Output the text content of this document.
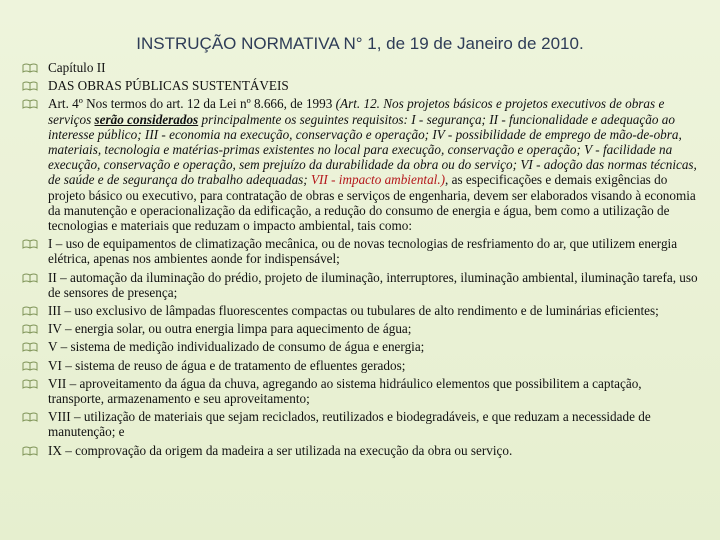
INSTRUÇÃO NORMATIVA N° 1, de 19 de Janeiro de 2010.
Capítulo II
DAS OBRAS PÚBLICAS SUSTENTÁVEIS
Art. 4º Nos termos do art. 12 da Lei nº 8.666, de 1993 (Art. 12. Nos projetos básicos e projetos executivos de obras e serviços serão considerados principalmente os seguintes requisitos: I - segurança; II - funcionalidade e adequação ao interesse público; III - economia na execução, conservação e operação; IV - possibilidade de emprego de mão-de-obra, materiais, tecnologia e matérias-primas existentes no local para execução, conservação e operação; V - facilidade na execução, conservação e operação, sem prejuízo da durabilidade da obra ou do serviço; VI - adoção das normas técnicas, de saúde e de segurança do trabalho adequadas; VII - impacto ambiental.), as especificações e demais exigências do projeto básico ou executivo, para contratação de obras e serviços de engenharia, devem ser elaborados visando à economia da manutenção e operacionalização da edificação, a redução do consumo de energia e água, bem como a utilização de tecnologias e materiais que reduzam o impacto ambiental, tais como:
I – uso de equipamentos de climatização mecânica, ou de novas tecnologias de resfriamento do ar, que utilizem energia elétrica, apenas nos ambientes aonde for indispensável;
II – automação da iluminação do prédio, projeto de iluminação, interruptores, iluminação ambiental, iluminação tarefa, uso de sensores de presença;
III – uso exclusivo de lâmpadas fluorescentes compactas ou tubulares de alto rendimento e de luminárias eficientes;
IV – energia solar, ou outra energia limpa para aquecimento de água;
V – sistema de medição individualizado de consumo de água e energia;
VI – sistema de reuso de água e de tratamento de efluentes gerados;
VII – aproveitamento da água da chuva, agregando ao sistema hidráulico elementos que possibilitem a captação, transporte, armazenamento e seu aproveitamento;
VIII – utilização de materiais que sejam reciclados, reutilizados e biodegradáveis, e que reduzam a necessidade de manutenção; e
IX – comprovação da origem da madeira a ser utilizada na execução da obra ou serviço.
